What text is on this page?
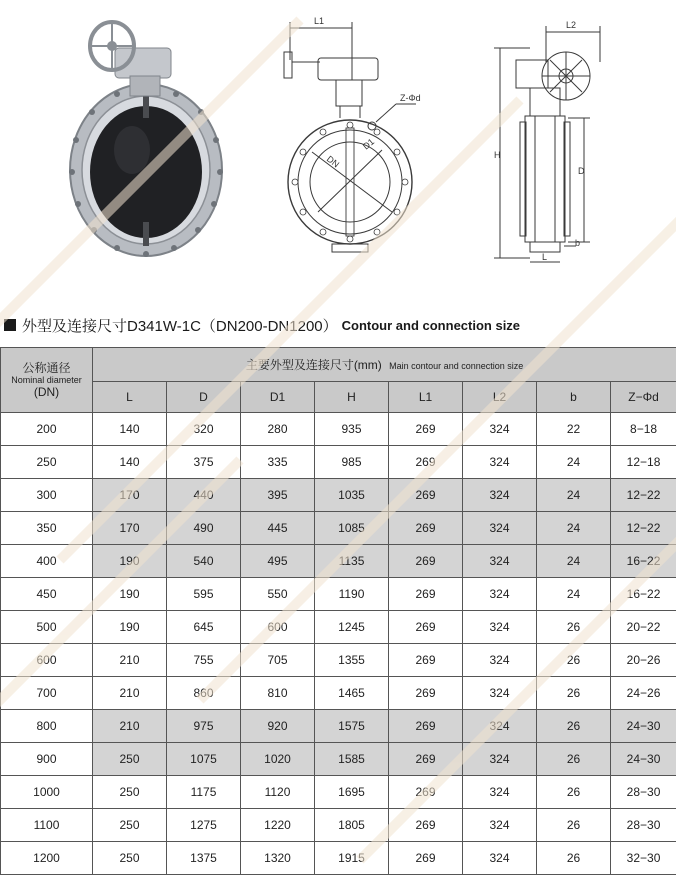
L1	L2
Z-Φd
DN
D1
H
D
L
b
外型及连接尺寸D341W-1C（DN200-DN1200） Contour and connection size
公称通径
Nominal diameter
(DN)	主要外型及连接尺寸(mm) Main contour and connection size							
	L	D	D1	H	L1	L2	b	Z−Φd
200	140	320	280	935	269	324	22	8−18
250	140	375	335	985	269	324	24	12−18
300	170	440	395	1035	269	324	24	12−22
350	170	490	445	1085	269	324	24	12−22
400	190	540	495	1135	269	324	24	16−22
450	190	595	550	1190	269	324	24	16−22
500	190	645	600	1245	269	324	26	20−22
600	210	755	705	1355	269	324	26	20−26
700	210	860	810	1465	269	324	26	24−26
800	210	975	920	1575	269	324	26	24−30
900	250	1075	1020	1585	269	324	26	24−30
1000	250	1175	1120	1695	269	324	26	28−30
1100	250	1275	1220	1805	269	324	26	28−30
1200	250	1375	1320	1915	269	324	26	32−30
